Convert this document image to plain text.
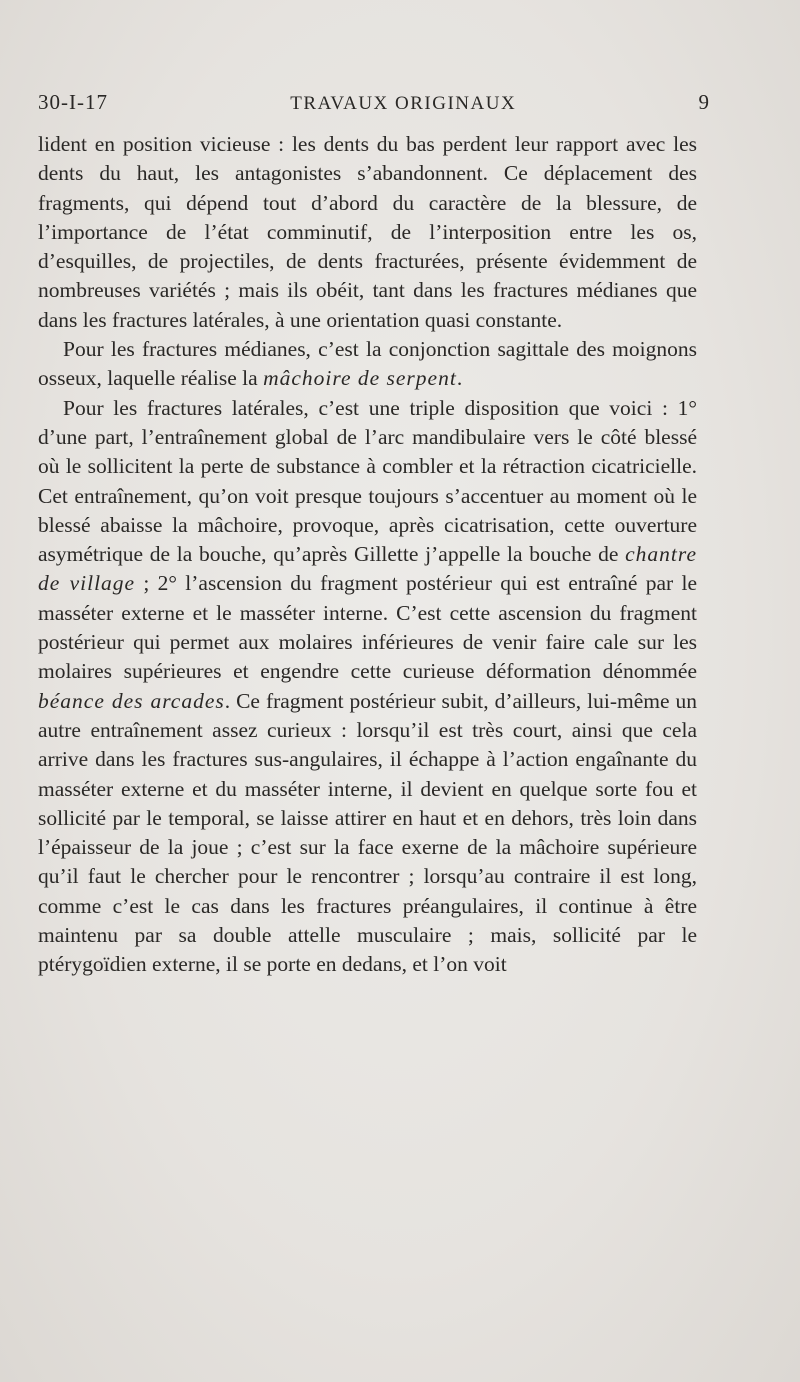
30-I-17	TRAVAUX ORIGINAUX	9

lident en position vicieuse : les dents du bas perdent leur rapport avec les dents du haut, les antagonistes s’abandonnent. Ce déplacement des fragments, qui dépend tout d’abord du caractère de la blessure, de l’importance de l’état comminutif, de l’interposition entre les os, d’esquilles, de projectiles, de dents fracturées, présente évidemment de nombreuses variétés ; mais ils obéit, tant dans les fractures médianes que dans les fractures latérales, à une orientation quasi constante.

Pour les fractures médianes, c’est la conjonction sagittale des moignons osseux, laquelle réalise la mâchoire de serpent.

Pour les fractures latérales, c’est une triple disposition que voici : 1° d’une part, l’entraînement global de l’arc mandibulaire vers le côté blessé où le sollicitent la perte de substance à combler et la rétraction cicatricielle. Cet entraînement, qu’on voit presque toujours s’accentuer au moment où le blessé abaisse la mâchoire, provoque, après cicatrisation, cette ouverture asymétrique de la bouche, qu’après Gillette j’appelle la bouche de chantre de village ; 2° l’ascension du fragment postérieur qui est entraîné par le masséter externe et le masséter interne. C’est cette ascension du fragment postérieur qui permet aux molaires inférieures de venir faire cale sur les molaires supérieures et engendre cette curieuse déformation dénommée béance des arcades. Ce fragment postérieur subit, d’ailleurs, lui-même un autre entraînement assez curieux : lorsqu’il est très court, ainsi que cela arrive dans les fractures sus-angulaires, il échappe à l’action engaînante du masséter externe et du masséter interne, il devient en quelque sorte fou et sollicité par le temporal, se laisse attirer en haut et en dehors, très loin dans l’épaisseur de la joue ; c’est sur la face exerne de la mâchoire supérieure qu’il faut le chercher pour le rencontrer ; lorsqu’au contraire il est long, comme c’est le cas dans les fractures préangulaires, il continue à être maintenu par sa double attelle musculaire ; mais, sollicité par le ptérygoïdien externe, il se porte en dedans, et l’on voit
